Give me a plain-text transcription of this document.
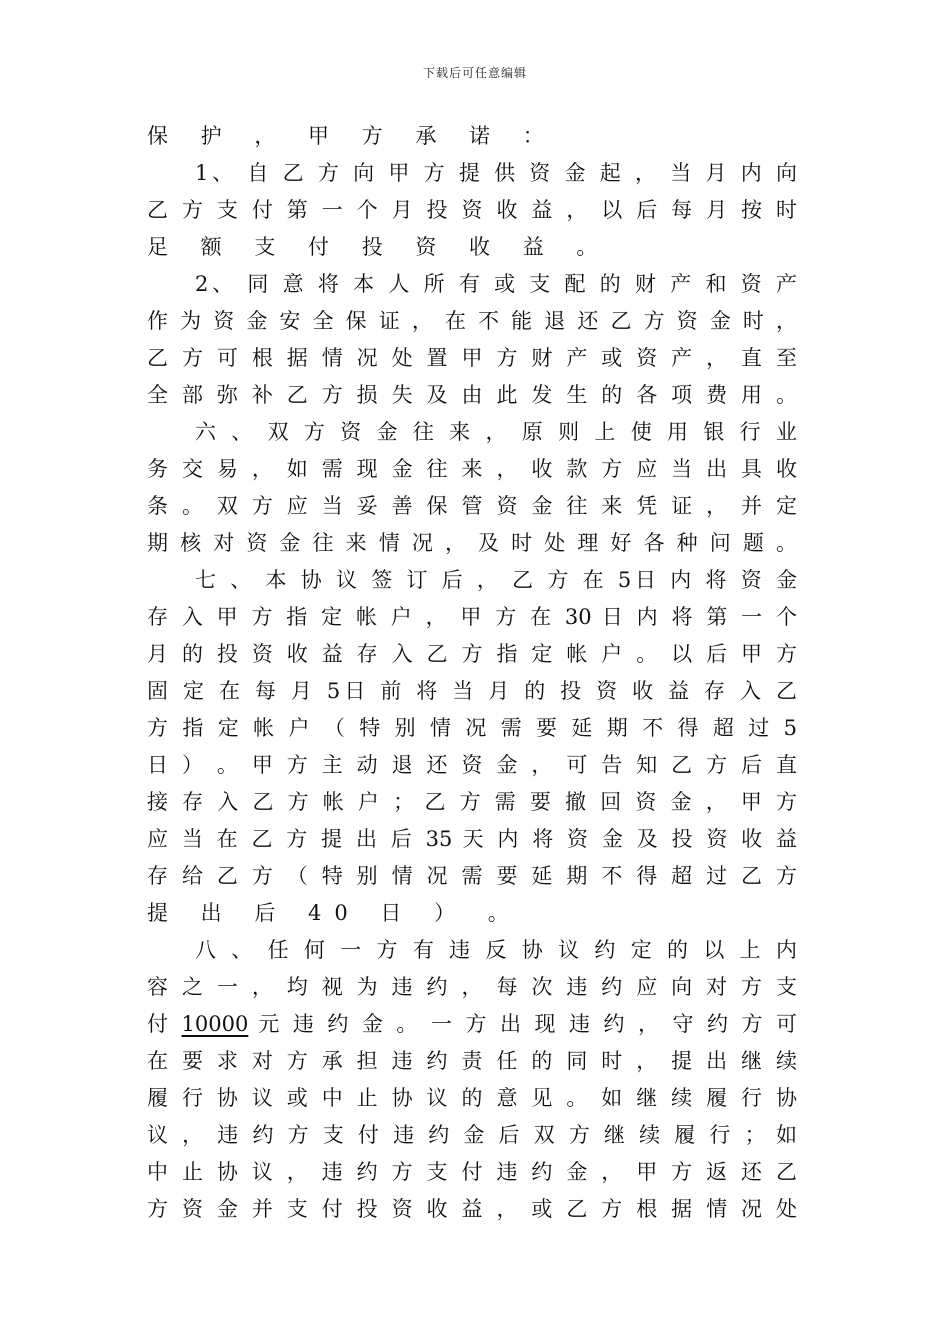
下载后可任意编辑
保 护 ， 甲 方 承 诺 ：
1、 自 乙 方 向 甲 方 提 供 资 金 起 ， 当 月 内 向
乙 方 支 付 第 一 个 月 投 资 收 益 ， 以 后 每 月 按 时
足 额 支 付 投 资 收 益 。
2、 同 意 将 本 人 所 有 或 支 配 的 财 产 和 资 产
作 为 资 金 安 全 保 证 ， 在 不 能 退 还 乙 方 资 金 时 ，
乙 方 可 根 据 情 况 处 置 甲 方 财 产 或 资 产 ， 直 至
全 部 弥 补 乙 方 损 失 及 由 此 发 生 的 各 项 费 用 。
六 、 双 方 资 金 往 来 ， 原 则 上 使 用 银 行 业
务 交 易 ， 如 需 现 金 往 来 ， 收 款 方 应 当 出 具 收
条 。 双 方 应 当 妥 善 保 管 资 金 往 来 凭 证 ， 并 定
期 核 对 资 金 往 来 情 况 ， 及 时 处 理 好 各 种 问 题 。
七 、 本 协 议 签 订 后 ， 乙 方 在 5日 内 将 资 金
存 入 甲 方 指 定 帐 户 ， 甲 方 在 30 日 内 将 第 一 个
月 的 投 资 收 益 存 入 乙 方 指 定 帐 户 。 以 后 甲 方
固 定 在 每 月 5日 前 将 当 月 的 投 资 收 益 存 入 乙
方 指 定 帐 户 （ 特 别 情 况 需 要 延 期 不 得 超 过 5
日 ） 。 甲 方 主 动 退 还 资 金 ， 可 告 知 乙 方 后 直
接 存 入 乙 方 帐 户 ； 乙 方 需 要 撤 回 资 金 ， 甲 方
应 当 在 乙 方 提 出 后 35 天 内 将 资 金 及 投 资 收 益
存 给 乙 方 （ 特 别 情 况 需 要 延 期 不 得 超 过 乙 方
提 出 后 40 日 ） 。
八 、 任 何 一 方 有 违 反 协 议 约 定 的 以 上 内
容 之 一 ， 均 视 为 违 约 ， 每 次 违 约 应 向 对 方 支
付 10000 元 违 约 金 。 一 方 出 现 违 约 ， 守 约 方 可
在 要 求 对 方 承 担 违 约 责 任 的 同 时 ， 提 出 继 续
履 行 协 议 或 中 止 协 议 的 意 见 。 如 继 续 履 行 协
议 ， 违 约 方 支 付 违 约 金 后 双 方 继 续 履 行 ； 如
中 止 协 议 ， 违 约 方 支 付 违 约 金 ， 甲 方 返 还 乙
方 资 金 并 支 付 投 资 收 益 ， 或 乙 方 根 据 情 况 处
